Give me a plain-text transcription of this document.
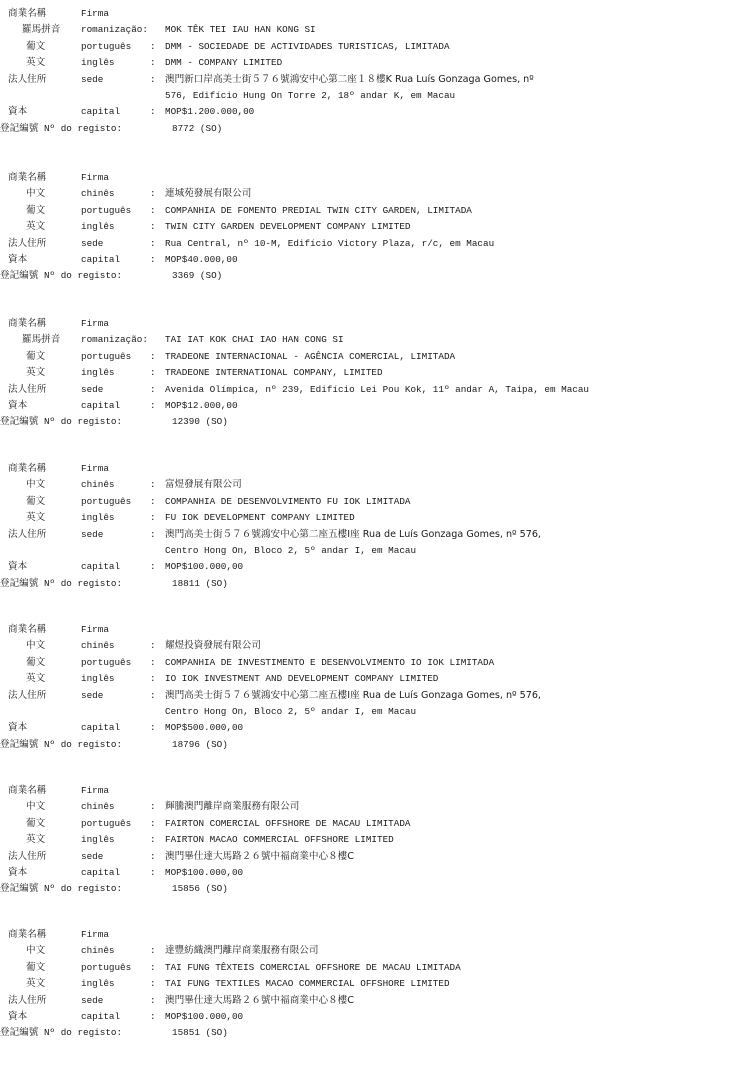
商業名稱	Firma
羅馬拼音 romanização:	MOK TÊK TEI IAU HAN KONG SI
葡文	português : DMM - SOCIEDADE DE ACTIVIDADES TURISTICAS, LIMITADA
英文	inglês	: DMM - COMPANY LIMITED
法人住所	sede	: 澳門新口岸高美士街５７６號鴻安中心第二座１８樓K Rua Luís Gonzaga Gomes, nº
576, Edifício Hung On Torre 2, 18º andar K, em Macau
資本	capital	: MOP$1.200.000,00
登記編號 Nº do registo:	8772 (SO)
商業名稱	Firma
中文	chinês	: 連城苑發展有限公司
葡文	português : COMPANHIA DE FOMENTO PREDIAL TWIN CITY GARDEN, LIMITADA
英文	inglês	: TWIN CITY GARDEN DEVELOPMENT COMPANY LIMITED
法人住所	sede	: Rua Central, nº 10-M, Edifício Victory Plaza, r/c, em Macau
資本	capital	: MOP$40.000,00
登記編號 Nº do registo:	3369 (SO)
商業名稱	Firma
羅馬拼音 romanização:	TAI IAT KOK CHAI IAO HAN CONG SI
葡文	português : TRADEONE INTERNACIONAL - AGÊNCIA COMERCIAL, LIMITADA
英文	inglês	: TRADEONE INTERNATIONAL COMPANY, LIMITED
法人住所	sede	: Avenida Olímpica, nº 239, Edifício Lei Pou Kok, 11º andar A, Taipa, em Macau
資本	capital	: MOP$12.000,00
登記編號 Nº do registo:	12390 (SO)
商業名稱	Firma
中文	chinês	: 富煜發展有限公司
葡文	português : COMPANHIA DE DESENVOLVIMENTO FU IOK LIMITADA
英文	inglês	: FU IOK DEVELOPMENT COMPANY LIMITED
法人住所	sede	: 澳門高美士街５７６號鴻安中心第二座五樓I座 Rua de Luís Gonzaga Gomes, nº 576,
Centro Hong On, Bloco 2, 5º andar I, em Macau
資本	capital	: MOP$100.000,00
登記編號 Nº do registo:	18811 (SO)
商業名稱	Firma
中文	chinês	: 耀煜投資發展有限公司
葡文	português : COMPANHIA DE INVESTIMENTO E DESENVOLVIMENTO IO IOK LIMITADA
英文	inglês	: IO IOK INVESTMENT AND DEVELOPMENT COMPANY LIMITED
法人住所	sede	: 澳門高美士街５７６號鴻安中心第二座五樓I座 Rua de Luís Gonzaga Gomes, nº 576,
Centro Hong On, Bloco 2, 5º andar I, em Macau
資本	capital	: MOP$500.000,00
登記編號 Nº do registo:	18796 (SO)
商業名稱	Firma
中文	chinês	: 輝騰澳門離岸商業服務有限公司
葡文	português : FAIRTON COMERCIAL OFFSHORE DE MACAU LIMITADA
英文	inglês	: FAIRTON MACAO COMMERCIAL OFFSHORE LIMITED
法人住所	sede	: 澳門畢仕達大馬路２６號中福商業中心８樓C
資本	capital	: MOP$100.000,00
登記編號 Nº do registo:	15856 (SO)
商業名稱	Firma
中文	chinês	: 達豐紡織澳門離岸商業服務有限公司
葡文	português : TAI FUNG TÊXTEIS COMERCIAL OFFSHORE DE MACAU LIMITADA
英文	inglês	: TAI FUNG TEXTILES MACAO COMMERCIAL OFFSHORE LIMITED
法人住所	sede	: 澳門畢仕達大馬路２６號中福商業中心８樓C
資本	capital	: MOP$100.000,00
登記編號 Nº do registo:	15851 (SO)
